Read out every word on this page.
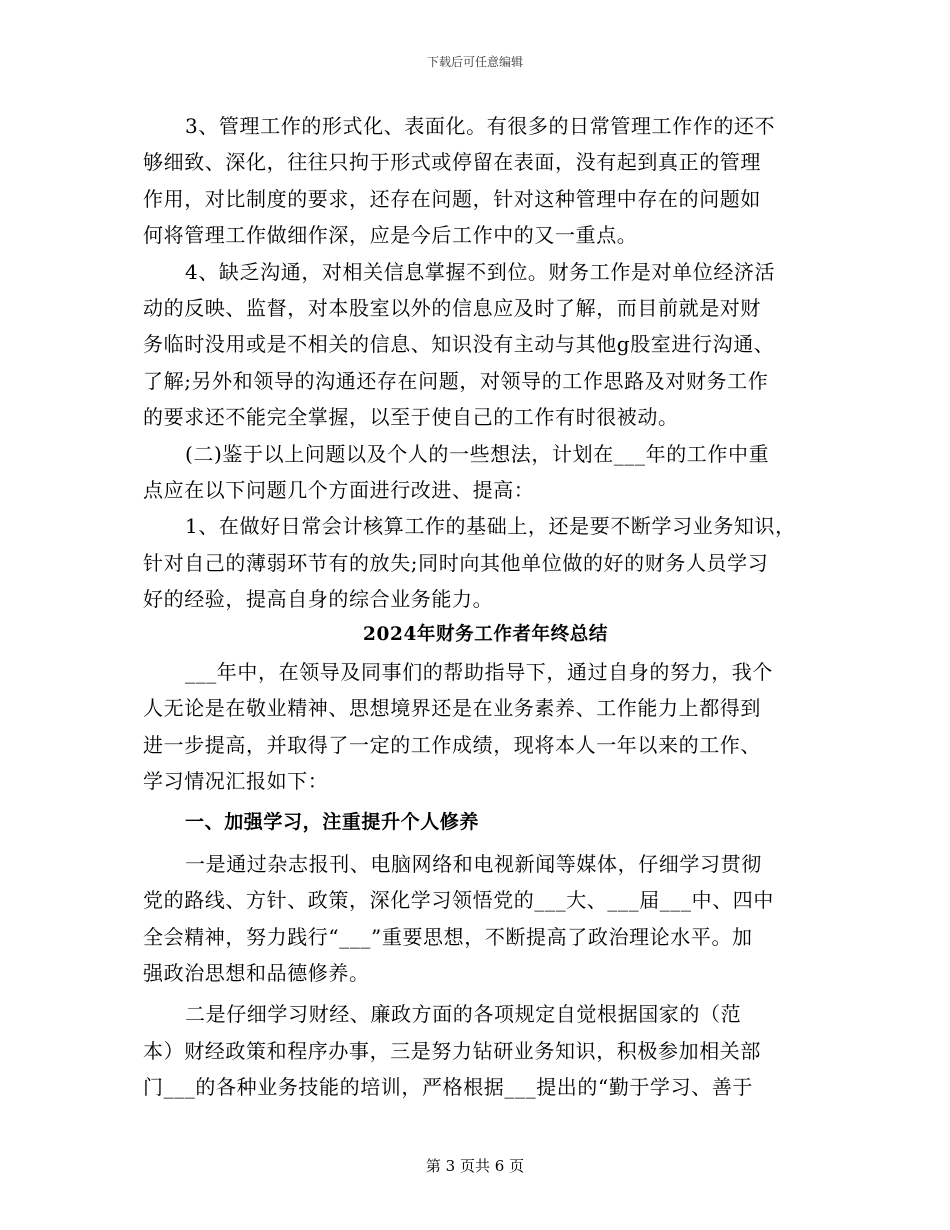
下载后可任意编辑
3、管理工作的形式化、表面化。有很多的日常管理工作作的还不
够细致、深化，往往只拘于形式或停留在表面，没有起到真正的管理
作用，对比制度的要求，还存在问题，针对这种管理中存在的问题如
何将管理工作做细作深，应是今后工作中的又一重点。
4、缺乏沟通，对相关信息掌握不到位。财务工作是对单位经济活
动的反映、监督，对本股室以外的信息应及时了解，而目前就是对财
务临时没用或是不相关的信息、知识没有主动与其他g股室进行沟通、
了解;另外和领导的沟通还存在问题，对领导的工作思路及对财务工作
的要求还不能完全掌握，以至于使自己的工作有时很被动。
(二)鉴于以上问题以及个人的一些想法，计划在___年的工作中重
点应在以下问题几个方面进行改进、提高：
1、在做好日常会计核算工作的基础上，还是要不断学习业务知识，
针对自己的薄弱环节有的放失;同时向其他单位做的好的财务人员学习
好的经验，提高自身的综合业务能力。
2024年财务工作者年终总结
___年中，在领导及同事们的帮助指导下，通过自身的努力，我个
人无论是在敬业精神、思想境界还是在业务素养、工作能力上都得到
进一步提高，并取得了一定的工作成绩，现将本人一年以来的工作、
学习情况汇报如下：
一、加强学习，注重提升个人修养
一是通过杂志报刊、电脑网络和电视新闻等媒体，仔细学习贯彻
党的路线、方针、政策，深化学习领悟党的___大、___届___中、四中
全会精神，努力践行“___”重要思想，不断提高了政治理论水平。加
强政治思想和品德修养。
二是仔细学习财经、廉政方面的各项规定自觉根据国家的（范
本）财经政策和程序办事，三是努力钻研业务知识，积极参加相关部
门___的各种业务技能的培训，严格根据___提出的“勤于学习、善于
第 3 页共 6 页
